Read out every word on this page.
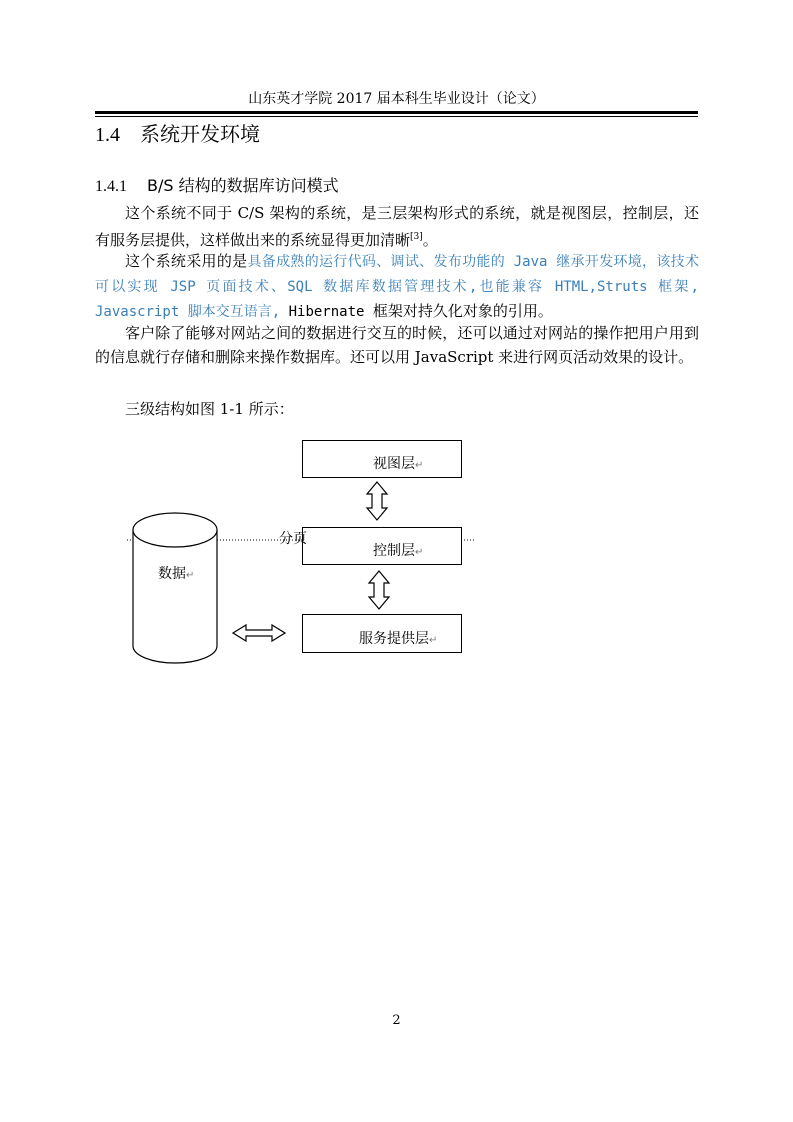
山东英才学院 2017 届本科生毕业设计（论文）
1.4 系统开发环境
1.4.1 B/S 结构的数据库访问模式
这个系统不同于 C/S 架构的系统，是三层架构形式的系统，就是视图层，控制层，还有服务层提供，这样做出来的系统显得更加清晰[3]。
这个系统采用的是具备成熟的运行代码、调试、发布功能的 Java 继承开发环境，该技术可以实现 JSP 页面技术、SQL 数据库数据管理技术,也能兼容 HTML,Struts 框架, Javascript 脚本交互语言, Hibernate 框架对持久化对象的引用。
客户除了能够对网站之间的数据进行交互的时候，还可以通过对网站的操作把用户用到的信息就行存储和删除来操作数据库。还可以用 JavaScript 来进行网页活动效果的设计。
三级结构如图 1-1 所示：
分页
视图层↵
控制层↵
服务提供层↵
数据↵
2
